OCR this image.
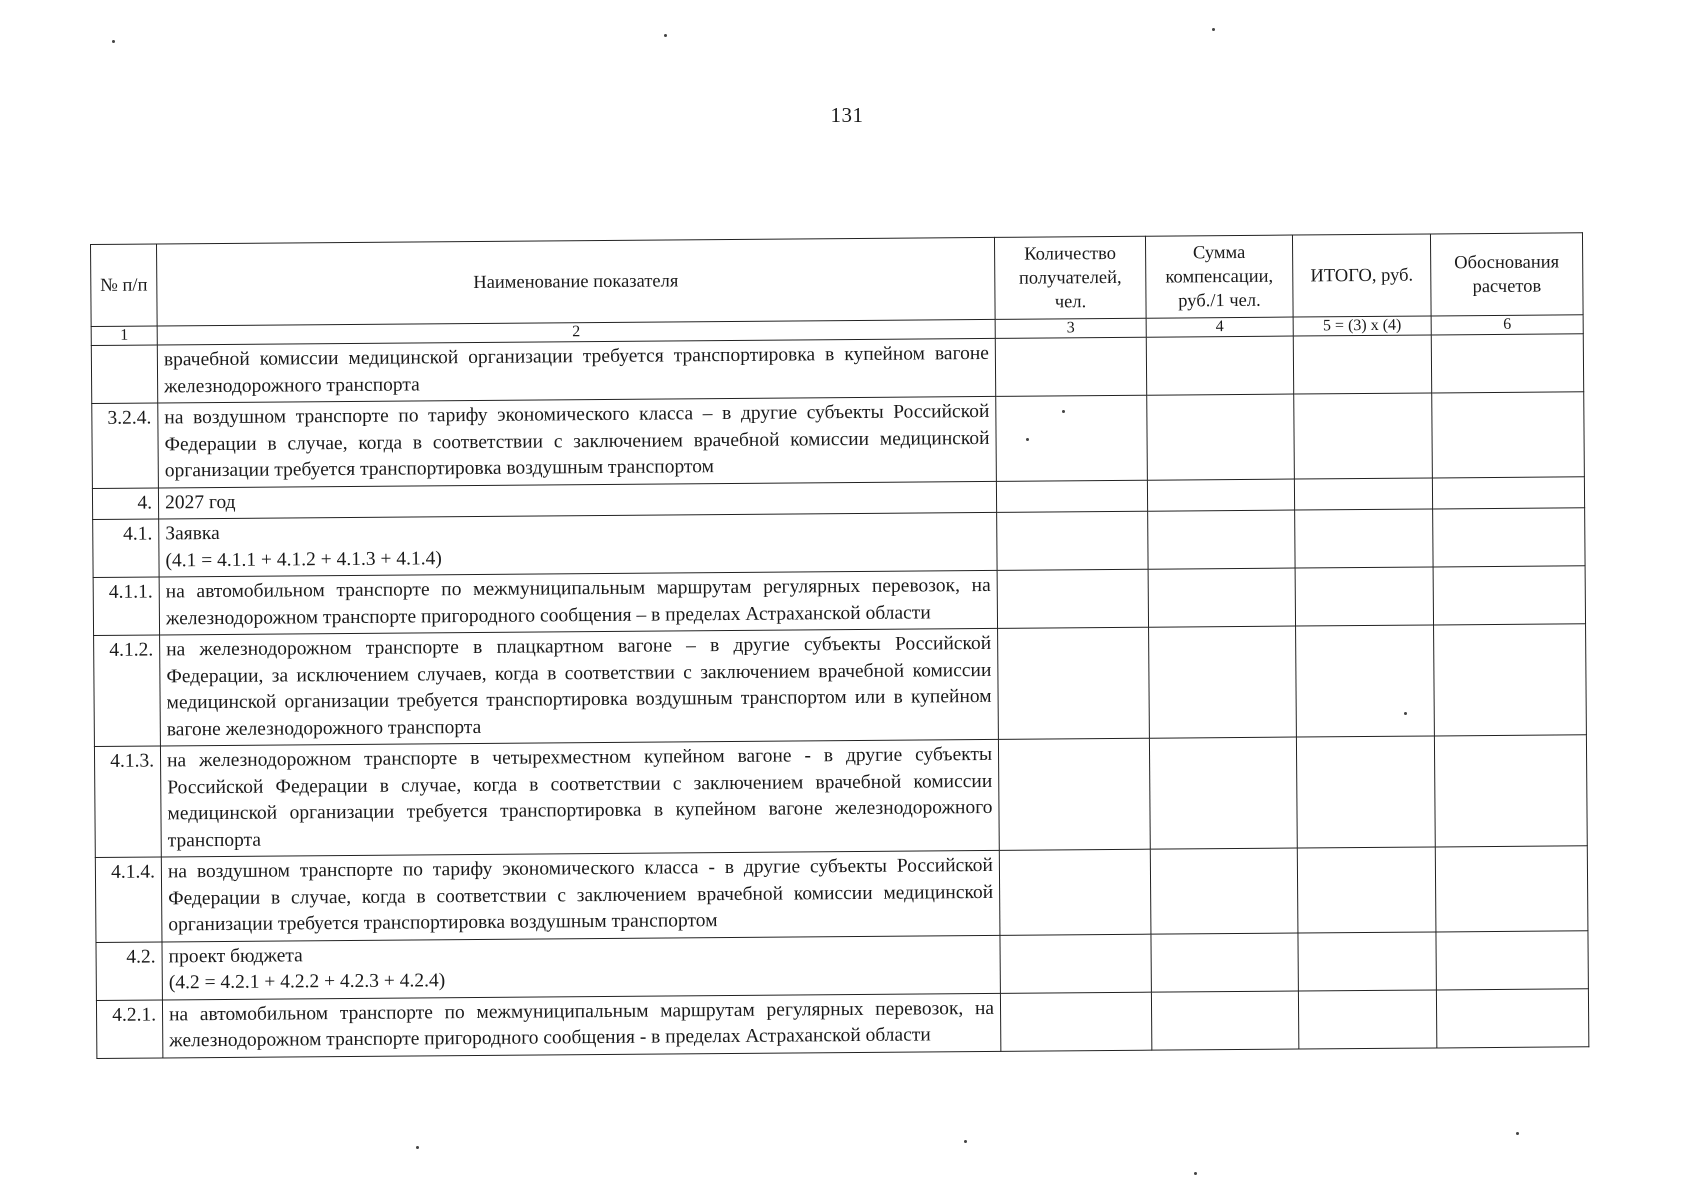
131
№ п/п	Наименование показателя	Количество получателей, чел.	Сумма компенсации, руб./1 чел.	ИТОГО, руб.	Обоснования расчетов
1	2	3	4	5 = (3) х (4)	6
	врачебной комиссии медицинской организации требуется транспортировка в купейном вагоне железнодорожного транспорта				
3.2.4.	на воздушном транспорте по тарифу экономического класса – в другие субъекты Российской Федерации в случае, когда в соответствии с заключением врачебной комиссии медицинской организации требуется транспортировка воздушным транспортом				
4.	2027 год				
4.1.	Заявка
(4.1 = 4.1.1 + 4.1.2 + 4.1.3 + 4.1.4)				

4.1.1.	на автомобильном транспорте по межмуниципальным маршрутам регулярных перевозок, на железнодорожном транспорте пригородного сообщения – в пределах Астраханской области				
4.1.2.	на железнодорожном транспорте в плацкартном вагоне – в другие субъекты Российской Федерации, за исключением случаев, когда в соответствии с заключением врачебной комиссии медицинской организации требуется транспортировка воздушным транспортом или в купейном вагоне железнодорожного транспорта				
4.1.3.	на железнодорожном транспорте в четырехместном купейном вагоне - в другие субъекты Российской Федерации в случае, когда в соответствии с заключением врачебной комиссии медицинской организации требуется транспортировка в купейном вагоне железнодорожного транспорта				
4.1.4.	на воздушном транспорте по тарифу экономического класса - в другие субъекты Российской Федерации в случае, когда в соответствии с заключением врачебной комиссии медицинской организации требуется транспортировка воздушным транспортом				
4.2.	проект бюджета
(4.2 = 4.2.1 + 4.2.2 + 4.2.3 + 4.2.4)				

4.2.1.	на автомобильном транспорте по межмуниципальным маршрутам регулярных перевозок, на железнодорожном транспорте пригородного сообщения - в пределах Астраханской области				
